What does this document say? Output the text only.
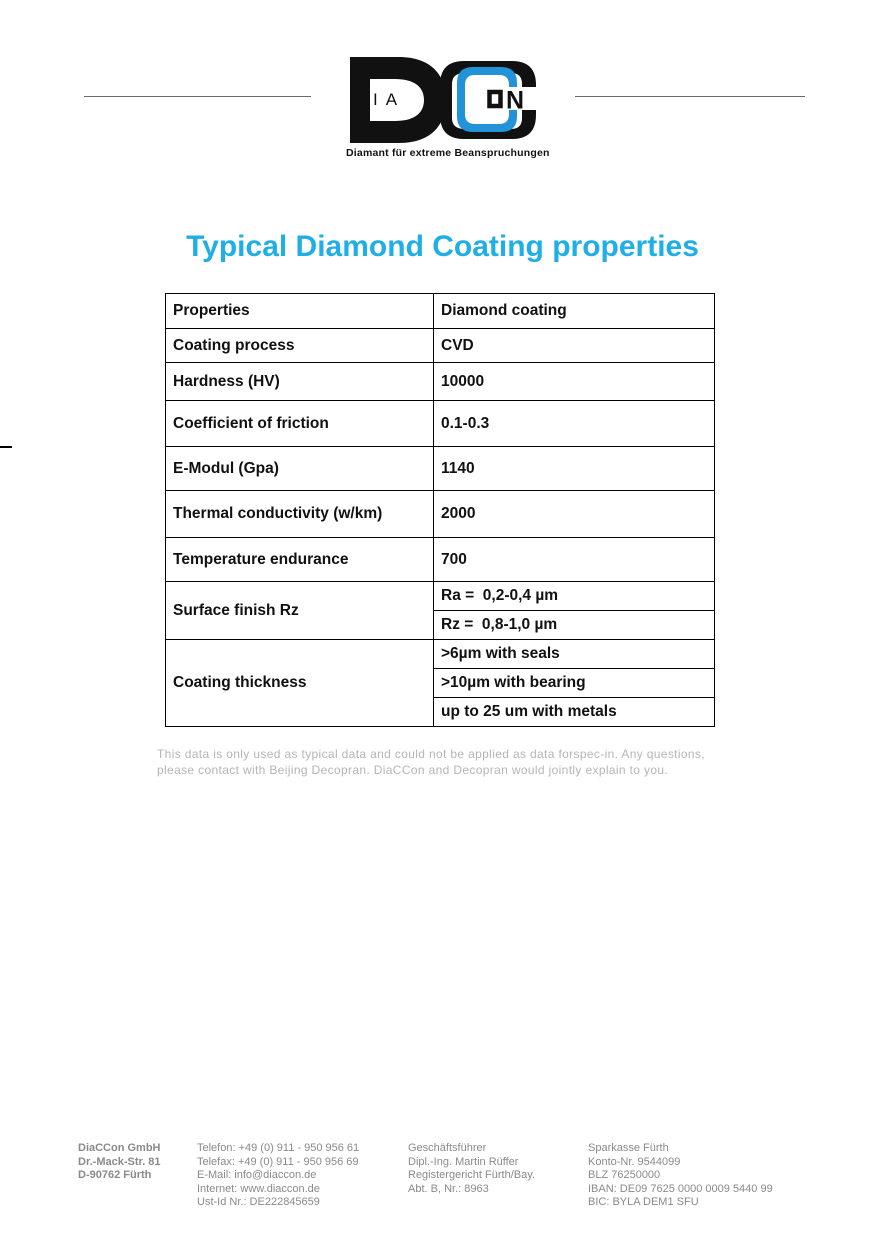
IA	N
Diamant für extreme Beanspruchungen
Typical Diamond Coating properties
Properties	Diamond coating
Coating process	CVD
Hardness (HV)	10000
Coefficient of friction	0.1-0.3
E-Modul (Gpa)	1140
Thermal conductivity (w/km)	2000
Temperature endurance	700
Surface finish Rz	Ra =  0,2-0,4 µm
	Rz =  0,8-1,0 µm
Coating thickness	>6µm with seals
	>10µm with bearing
	up to 25 um with metals
This data is only used as typical data and could not be applied as data forspec-in. Any questions,
please contact with Beijing Decopran. DiaCCon and Decopran would jointly explain to you.
DiaCCon GmbH
Dr.-Mack-Str. 81
D-90762 Fürth
Telefon: +49 (0) 911 - 950 956 61
Telefax: +49 (0) 911 - 950 956 69
E-Mail: info@diaccon.de
Internet: www.diaccon.de
Ust-Id Nr.: DE222845659
Geschäftsführer
Dipl.-Ing. Martin Rüffer
Registergericht Fürth/Bay.
Abt. B, Nr.: 8963
Sparkasse Fürth
Konto-Nr. 9544099
BLZ 76250000
IBAN: DE09 7625 0000 0009 5440 99
BIC: BYLA DEM1 SFU
